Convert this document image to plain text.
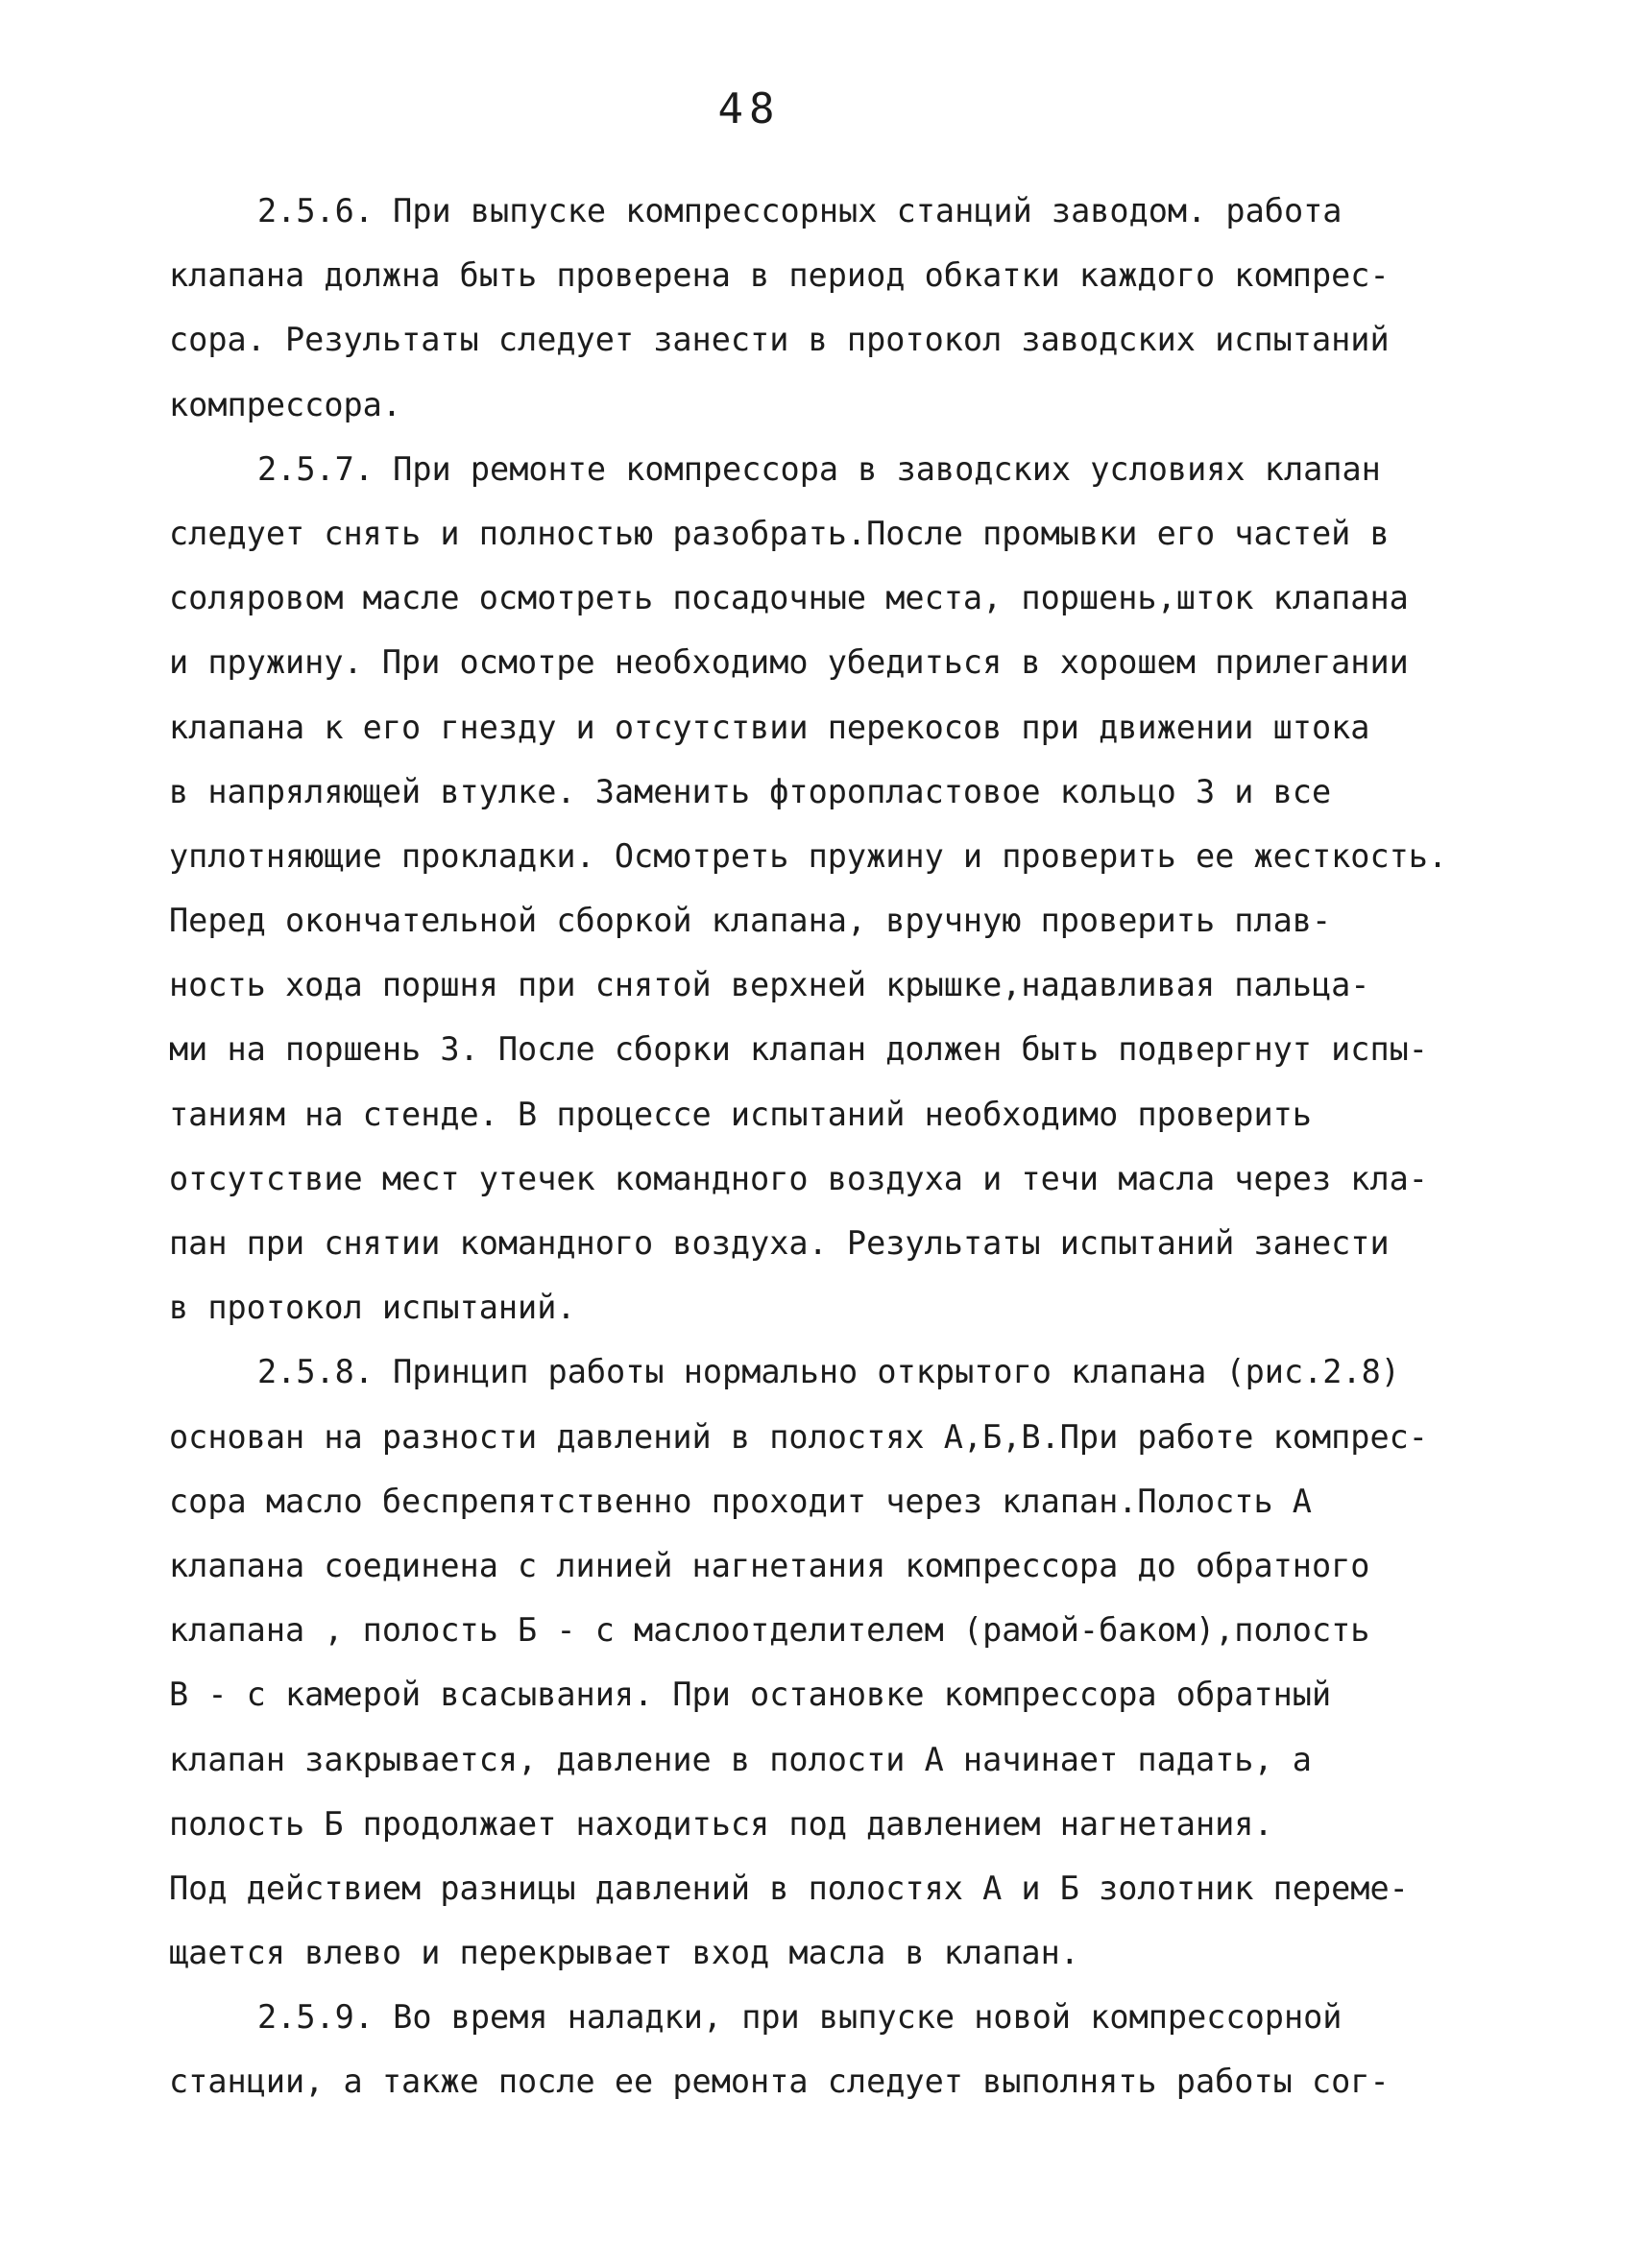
48
2.5.6. При выпуске компрессорных станций заводом. работа
клапана должна быть проверена в период обкатки каждого компрес-
сора. Результаты следует занести в протокол заводских испытаний
компрессора.
2.5.7. При ремонте компрессора в заводских условиях клапан
следует снять и полностью разобрать.После промывки его частей в
соляровом масле осмотреть посадочные места, поршень,шток клапана
и пружину. При осмотре необходимо убедиться в хорошем прилегании
клапана к его гнезду и отсутствии перекосов при движении штока
в напряляющей втулке. Заменить фторопластовое кольцо 3 и все
уплотняющие прокладки. Осмотреть пружину и проверить ее жесткость.
Перед окончательной сборкой клапана, вручную проверить плав-
ность хода поршня при снятой верхней крышке,надавливая пальца-
ми на поршень 3. После сборки клапан должен быть подвергнут испы-
таниям на стенде. В процессе испытаний необходимо проверить
отсутствие мест утечек командного воздуха и течи масла через кла-
пан при снятии командного воздуха. Результаты испытаний занести
в протокол испытаний.
2.5.8. Принцип работы нормально открытого клапана (рис.2.8)
основан на разности давлений в полостях А,Б,В.При работе компрес-
сора масло беспрепятственно проходит через клапан.Полость А
клапана соединена с линией нагнетания компрессора до обратного
клапана , полость Б - с маслоотделителем (рамой-баком),полость
В - с камерой всасывания. При остановке компрессора обратный
клапан закрывается, давление в полости А начинает падать, а
полость Б продолжает находиться под давлением нагнетания.
Под действием разницы давлений в полостях А и Б золотник переме-
щается влево и перекрывает вход масла в клапан.
2.5.9. Во время наладки, при выпуске новой компрессорной
станции, а также после ее ремонта следует выполнять работы сог-
